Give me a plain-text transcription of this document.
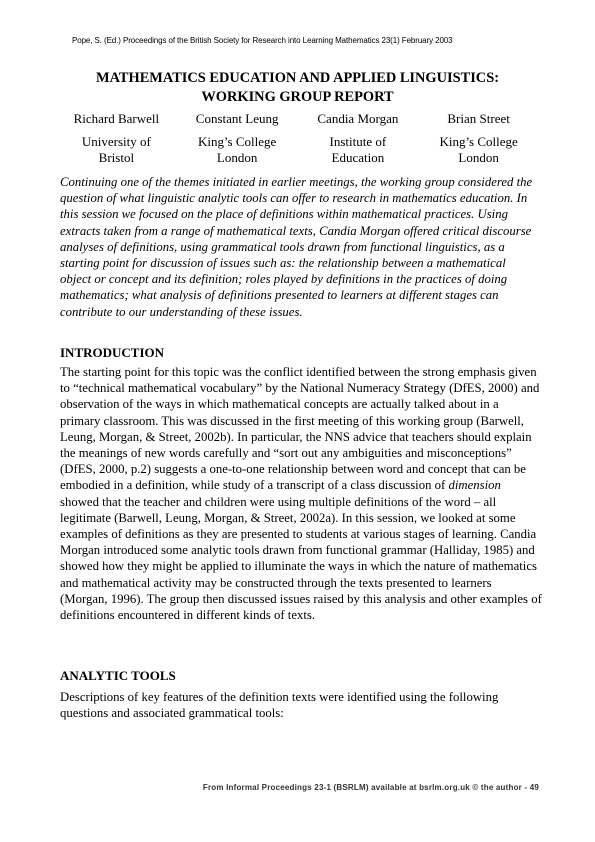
Pope, S. (Ed.) Proceedings of the British Society for Research into Learning Mathematics 23(1) February 2003
MATHEMATICS EDUCATION AND APPLIED LINGUISTICS:
WORKING GROUP REPORT
Richard Barwell
University of
Bristol
Constant Leung
King’s College
London
Candia Morgan
Institute of
Education
Brian Street
King’s College
London

Continuing one of the themes initiated in earlier meetings, the working group considered the question of what linguistic analytic tools can offer to research in mathematics education. In this session we focused on the place of definitions within mathematical practices. Using extracts taken from a range of mathematical texts, Candia Morgan offered critical discourse analyses of definitions, using grammatical tools drawn from functional linguistics, as a starting point for discussion of issues such as: the relationship between a mathematical object or concept and its definition; roles played by definitions in the practices of doing mathematics; what analysis of definitions presented to learners at different stages can contribute to our understanding of these issues.

INTRODUCTION

The starting point for this topic was the conflict identified between the strong emphasis given to “technical mathematical vocabulary” by the National Numeracy Strategy (DfES, 2000) and observation of the ways in which mathematical concepts are actually talked about in a primary classroom. This was discussed in the first meeting of this working group (Barwell, Leung, Morgan, & Street, 2002b). In particular, the NNS advice that teachers should explain the meanings of new words carefully and “sort out any ambiguities and misconceptions” (DfES, 2000, p.2) suggests a one-to-one relationship between word and concept that can be embodied in a definition, while study of a transcript of a class discussion of dimension showed that the teacher and children were using multiple definitions of the word – all legitimate (Barwell, Leung, Morgan, & Street, 2002a). In this session, we looked at some examples of definitions as they are presented to students at various stages of learning. Candia Morgan introduced some analytic tools drawn from functional grammar (Halliday, 1985) and showed how they might be applied to illuminate the ways in which the nature of mathematics and mathematical activity may be constructed through the texts presented to learners (Morgan, 1996). The group then discussed issues raised by this analysis and other examples of definitions encountered in different kinds of texts.

ANALYTIC TOOLS

Descriptions of key features of the definition texts were identified using the following questions and associated grammatical tools:

From Informal Proceedings 23-1 (BSRLM) available at bsrlm.org.uk © the author - 49
